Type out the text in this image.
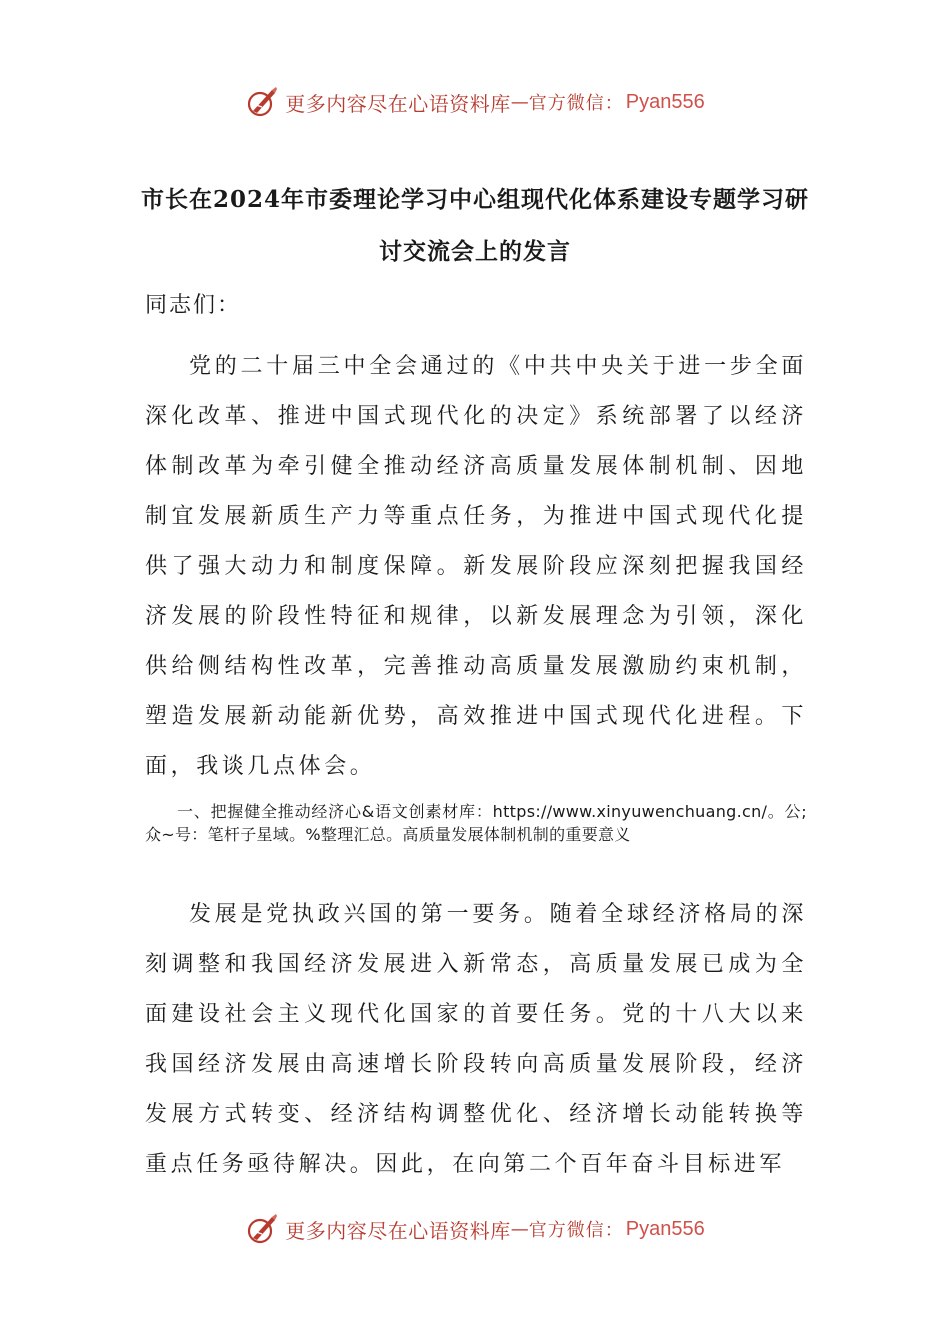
更多内容尽在心语资料库 — 官方微信： Pyan556
市长在2024年市委理论学习中心组现代化体系建设专题学习研讨交流会上的发言

同志们：

党的二十届三中全会通过的《中共中央关于进一步全面深化改革、推进中国式现代化的决定》系统部署了以经济体制改革为牵引健全推动经济高质量发展体制机制、因地制宜发展新质生产力等重点任务，为推进中国式现代化提供了强大动力和制度保障。新发展阶段应深刻把握我国经济发展的阶段性特征和规律，以新发展理念为引领，深化供给侧结构性改革，完善推动高质量发展激励约束机制，塑造发展新动能新优势，高效推进中国式现代化进程。下面，我谈几点体会。

一、把握健全推动经济心&语文创素材库：https://www.xinyuwenchuang.cn/。公;众~号：笔杆子星域。%整理汇总。高质量发展体制机制的重要意义

发展是党执政兴国的第一要务。随着全球经济格局的深刻调整和我国经济发展进入新常态，高质量发展已成为全面建设社会主义现代化国家的首要任务。党的十八大以来我国经济发展由高速增长阶段转向高质量发展阶段，经济发展方式转变、经济结构调整优化、经济增长动能转换等重点任务亟待解决。因此，在向第二个百年奋斗目标进军

更多内容尽在心语资料库 — 官方微信： Pyan556
